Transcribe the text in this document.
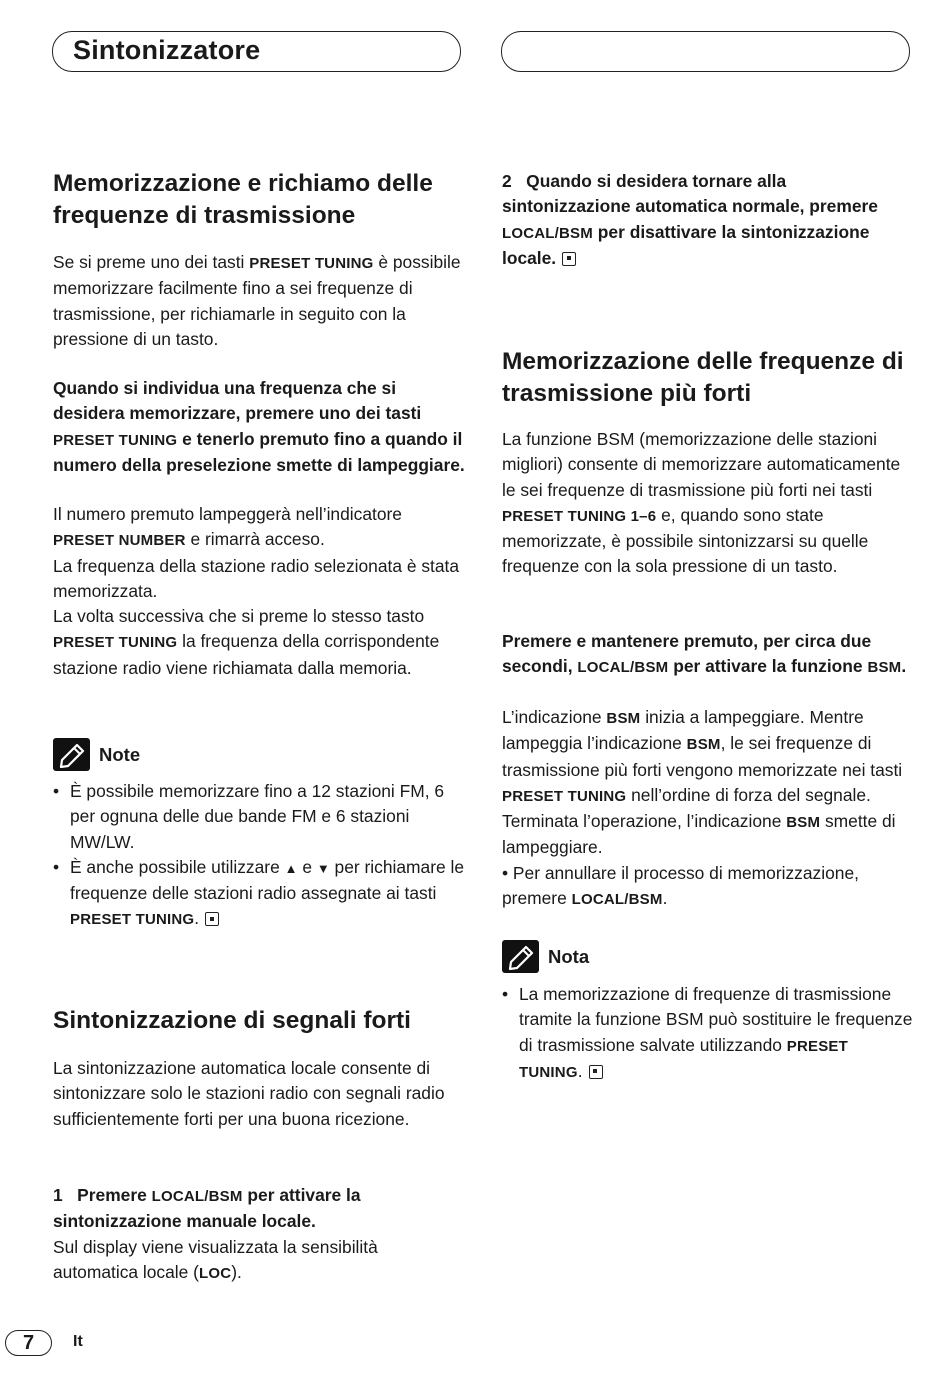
Sintonizzatore
Memorizzazione e richiamo delle frequenze di trasmissione

Se si preme uno dei tasti PRESET TUNING è possibile memorizzare facilmente fino a sei frequenze di trasmissione, per richiamarle in seguito con la pressione di un tasto.

Quando si individua una frequenza che si desidera memorizzare, premere uno dei tasti PRESET TUNING e tenerlo premuto fino a quando il numero della preselezione smette di lampeggiare.

Il numero premuto lampeggerà nell’indicatore PRESET NUMBER e rimarrà acceso.
La frequenza della stazione radio selezionata è stata memorizzata.
La volta successiva che si preme lo stesso tasto PRESET TUNING la frequenza della corrispondente stazione radio viene richiamata dalla memoria.

Note
• È possibile memorizzare fino a 12 stazioni FM, 6 per ognuna delle due bande FM e 6 stazioni MW/LW.
• È anche possibile utilizzare ▲ e ▼ per richiamare le frequenze delle stazioni radio assegnate ai tasti PRESET TUNING.
Sintonizzazione di segnali forti

La sintonizzazione automatica locale consente di sintonizzare solo le stazioni radio con segnali radio sufficientemente forti per una buona ricezione.

1 Premere LOCAL/BSM per attivare la sintonizzazione manuale locale.
Sul display viene visualizzata la sensibilità automatica locale (LOC).

2 Quando si desidera tornare alla sintonizzazione automatica normale, premere LOCAL/BSM per disattivare la sintonizzazione locale.

Memorizzazione delle frequenze di trasmissione più forti

La funzione BSM (memorizzazione delle stazioni migliori) consente di memorizzare automaticamente le sei frequenze di trasmissione più forti nei tasti PRESET TUNING 1–6 e, quando sono state memorizzate, è possibile sintonizzarsi su quelle frequenze con la sola pressione di un tasto.

Premere e mantenere premuto, per circa due secondi, LOCAL/BSM per attivare la funzione BSM.

L’indicazione BSM inizia a lampeggiare. Mentre lampeggia l’indicazione BSM, le sei frequenze di trasmissione più forti vengono memorizzate nei tasti PRESET TUNING nell’ordine di forza del segnale. Terminata l’operazione, l’indicazione BSM smette di lampeggiare.
• Per annullare il processo di memorizzazione, premere LOCAL/BSM.

Nota
• La memorizzazione di frequenze di trasmissione tramite la funzione BSM può sostituire le frequenze di trasmissione salvate utilizzando PRESET TUNING.
7	It
